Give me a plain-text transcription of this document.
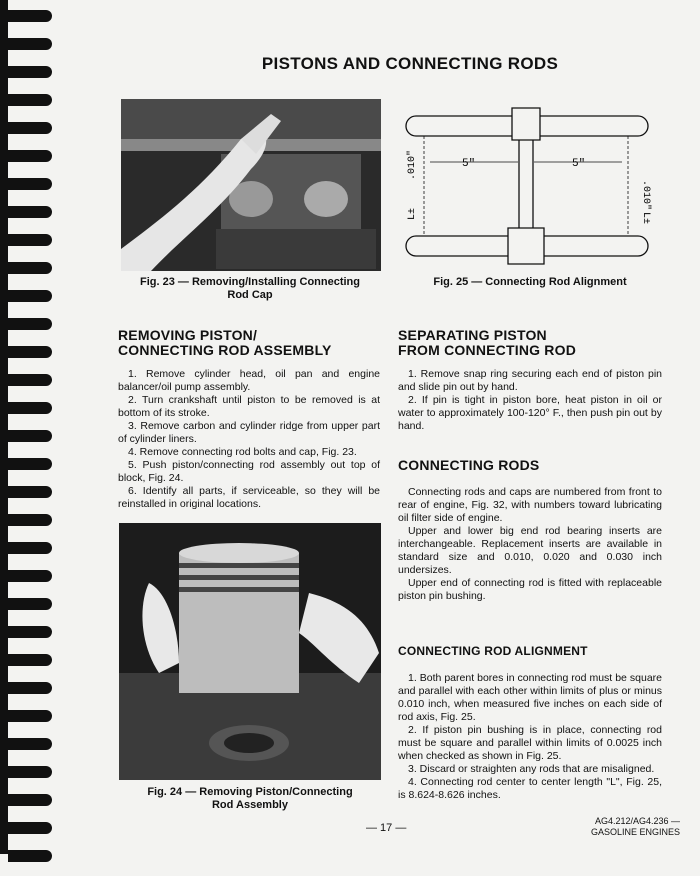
PISTONS AND CONNECTING RODS
Fig. 23 — Removing/Installing Connecting Rod Cap
5"	5"
.010"
.010"
L±	L±
Fig. 25 — Connecting Rod Alignment
REMOVING PISTON/
CONNECTING ROD ASSEMBLY

1. Remove cylinder head, oil pan and engine balancer/oil pump assembly.

2. Turn crankshaft until piston to be removed is at bottom of its stroke.

3. Remove carbon and cylinder ridge from upper part of cylinder liners.

4. Remove connecting rod bolts and cap, Fig. 23.

5. Push piston/connecting rod assembly out top of block, Fig. 24.

6. Identify all parts, if serviceable, so they will be reinstalled in original locations.

Fig. 24 — Removing Piston/Connecting Rod Assembly
SEPARATING PISTON
FROM CONNECTING ROD

1. Remove snap ring securing each end of piston pin and slide pin out by hand.

2. If pin is tight in piston bore, heat piston in oil or water to approximately 100-120° F., then push pin out by hand.

CONNECTING RODS

Connecting rods and caps are numbered from front to rear of engine, Fig. 32, with numbers toward lubricating oil filter side of engine.

Upper and lower big end rod bearing inserts are interchangeable. Replacement inserts are available in standard size and 0.010, 0.020 and 0.030 inch undersizes.

Upper end of connecting rod is fitted with replaceable piston pin bushing.

CONNECTING ROD ALIGNMENT

1. Both parent bores in connecting rod must be square and parallel with each other within limits of plus or minus 0.010 inch, when measured five inches on each side of rod axis, Fig. 25.

2. If piston pin bushing is in place, connecting rod must be square and parallel within limits of 0.0025 inch when checked as shown in Fig. 25.

3. Discard or straighten any rods that are misaligned.

4. Connecting rod center to center length "L", Fig. 25, is 8.624-8.626 inches.

— 17 —
AG4.212/AG4.236 —
GASOLINE ENGINES
